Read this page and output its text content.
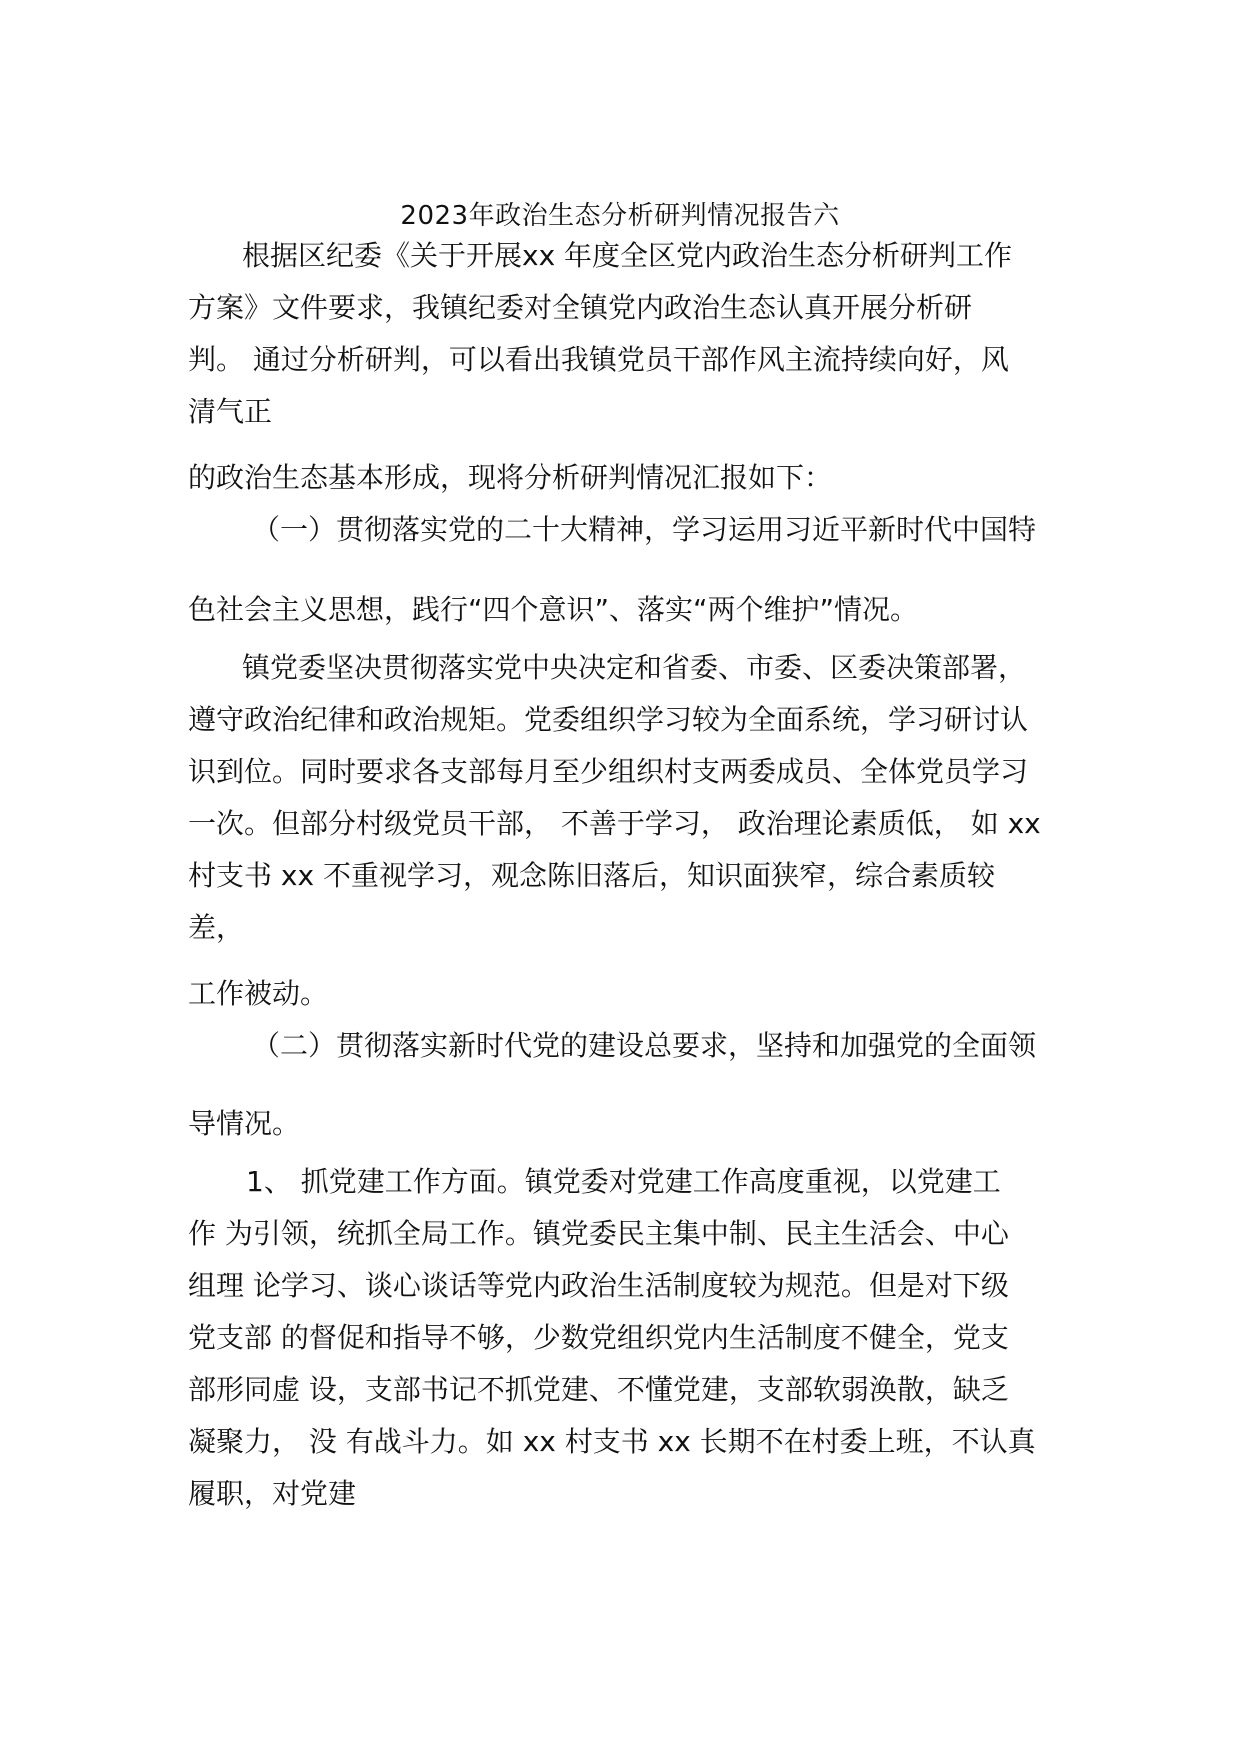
2023年政治生态分析研判情况报告六
根据区纪委《关于开展xx 年度全区党内政治生态分析研判工作
方案》文件要求，我镇纪委对全镇党内政治生态认真开展分析研
判。 通过分析研判，可以看出我镇党员干部作风主流持续向好，风
清气正
的政治生态基本形成，现将分析研判情况汇报如下：
（一）贯彻落实党的二十大精神，学习运用习近平新时代中国特
色社会主义思想，践行“四个意识”、落实“两个维护”情况。
镇党委坚决贯彻落实党中央决定和省委、市委、区委决策部署，
遵守政治纪律和政治规矩。党委组织学习较为全面系统，学习研讨认
识到位。同时要求各支部每月至少组织村支两委成员、全体党员学习
一次。但部分村级党员干部， 不善于学习， 政治理论素质低， 如 xx
村支书 xx 不重视学习，观念陈旧落后，知识面狭窄，综合素质较
差，
工作被动。
（二）贯彻落实新时代党的建设总要求，坚持和加强党的全面领
导情况。
1、 抓党建工作方面。镇党委对党建工作高度重视，以党建工
作 为引领，统抓全局工作。镇党委民主集中制、民主生活会、中心
组理 论学习、谈心谈话等党内政治生活制度较为规范。但是对下级
党支部 的督促和指导不够，少数党组织党内生活制度不健全，党支
部形同虚 设，支部书记不抓党建、不懂党建，支部软弱涣散，缺乏
凝聚力， 没 有战斗力。如 xx 村支书 xx 长期不在村委上班，不认真
履职，对党建
